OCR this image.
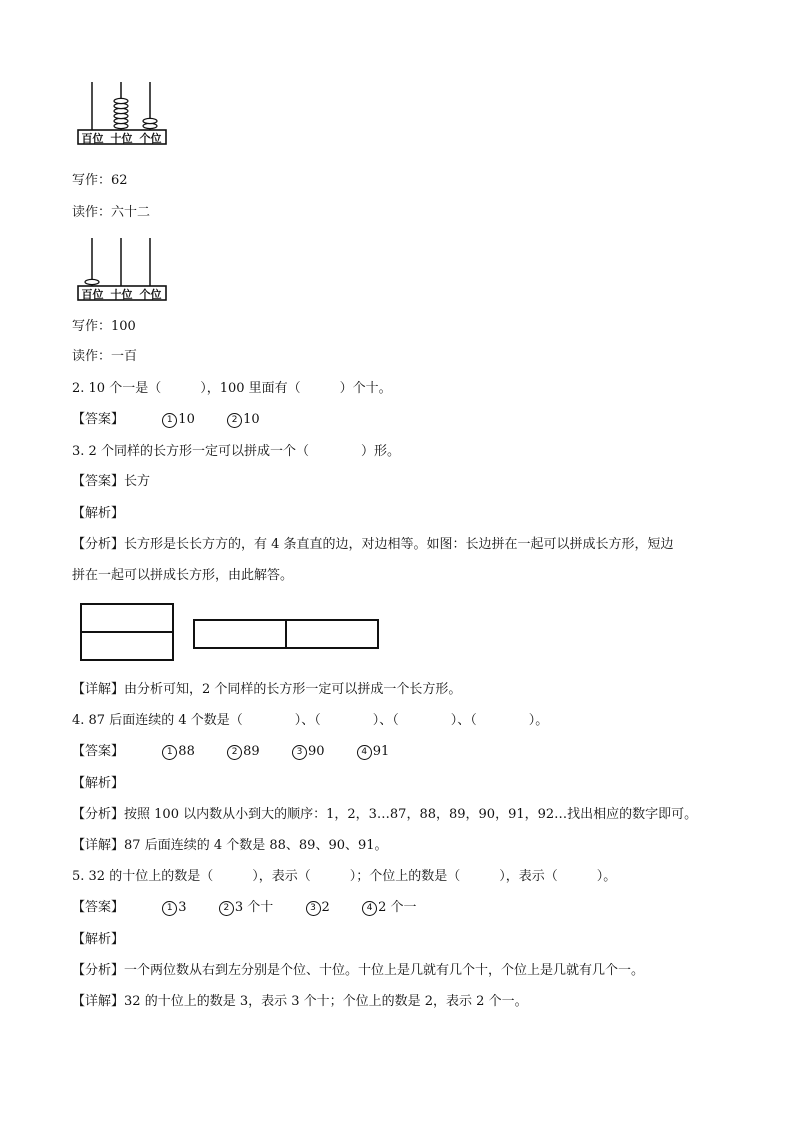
百位 十位 个位
写作：62
读作：六十二
百位 十位 个位
写作：100
读作：一百
2. 10 个一是（　　　），100 里面有（　　　）个十。
【答案】	1 10	2 10
3. 2 个同样的长方形一定可以拼成一个（　　　　）形。
【答案】长方
【解析】
【分析】长方形是长长方方的，有 4 条直直的边，对边相等。如图：长边拼在一起可以拼成长方形，短边
拼在一起可以拼成长方形，由此解答。
【详解】由分析可知，2 个同样的长方形一定可以拼成一个长方形。
4. 87 后面连续的 4 个数是（　　　　）、（　　　　）、（　　　　）、（　　　　）。
【答案】	1 88	2 89	3 90	4 91
【解析】
【分析】按照 100 以内数从小到大的顺序：1，2，3…87，88，89，90，91，92…找出相应的数字即可。
【详解】87 后面连续的 4 个数是 88、89、90、91。
5. 32 的十位上的数是（　　　），表示（　　　）；个位上的数是（　　　），表示（　　　）。
【答案】	1 3	2 3 个十	3 2	4 2 个一
【解析】
【分析】一个两位数从右到左分别是个位、十位。十位上是几就有几个十，个位上是几就有几个一。
【详解】32 的十位上的数是 3，表示 3 个十；个位上的数是 2，表示 2 个一。
